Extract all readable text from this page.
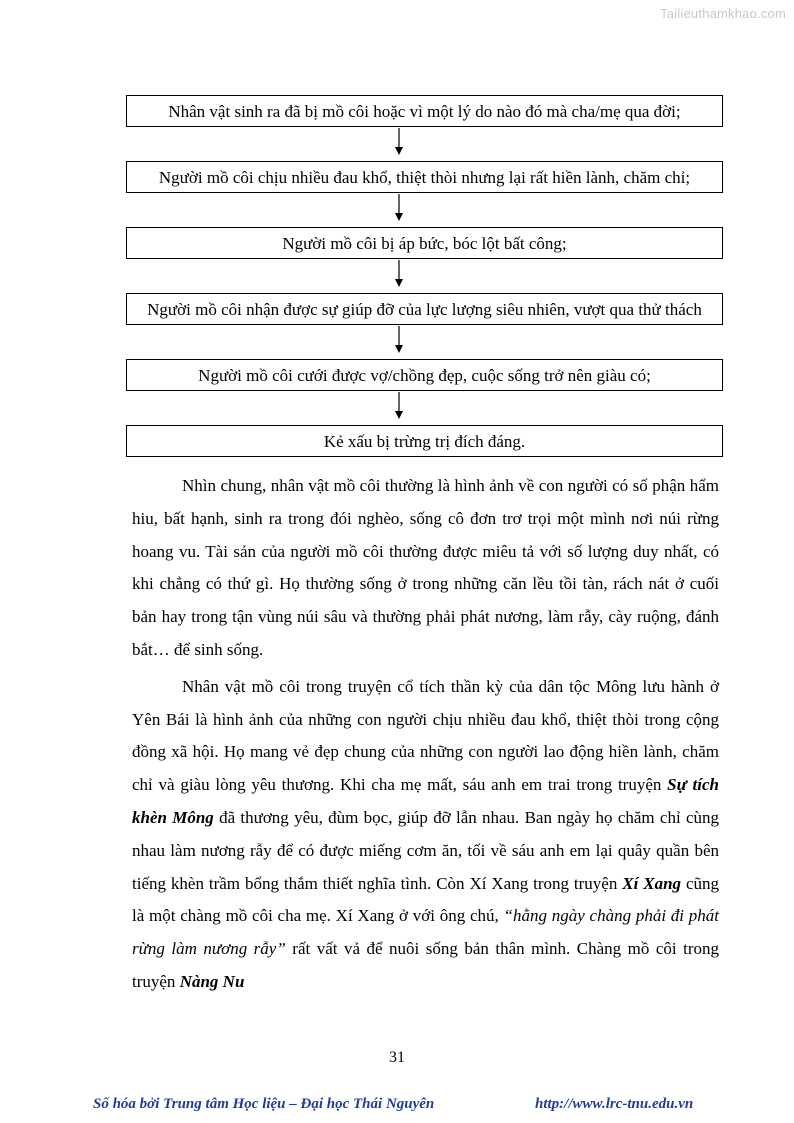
Tailieuthamkhao.com
Nhân vật sinh ra đã bị mồ côi hoặc vì một lý do nào đó mà cha/mẹ qua đời;
Người mồ côi chịu nhiều đau khổ, thiệt thòi nhưng lại rất hiền lành, chăm chỉ;
Người mồ côi bị áp bức, bóc lột bất công;
Người mồ côi nhận được sự giúp đỡ của lực lượng siêu nhiên, vượt qua thử thách
Người mồ côi cưới được vợ/chồng đẹp, cuộc sống trở nên giàu có;
Kẻ xấu bị trừng trị đích đáng.

Nhìn chung, nhân vật mồ côi thường là hình ảnh về con người có số phận hẩm hiu, bất hạnh, sinh ra trong đói nghèo, sống cô đơn trơ trọi một mình nơi núi rừng hoang vu. Tài sản của người mồ côi thường được miêu tả với số lượng duy nhất, có khi chẳng có thứ gì. Họ thường sống ở trong những căn lều tồi tàn, rách nát ở cuối bản hay trong tận vùng núi sâu và thường phải phát nương, làm rẫy, cày ruộng, đánh bắt… để sinh sống.

Nhân vật mồ côi trong truyện cổ tích thần kỳ của dân tộc Mông lưu hành ở Yên Bái là hình ảnh của những con người chịu nhiều đau khổ, thiệt thòi trong cộng đồng xã hội. Họ mang vẻ đẹp chung của những con người lao động hiền lành, chăm chỉ và giàu lòng yêu thương. Khi cha mẹ mất, sáu anh em trai trong truyện Sự tích khèn Mông đã thương yêu, đùm bọc, giúp đỡ lẫn nhau. Ban ngày họ chăm chỉ cùng nhau làm nương rẫy để có được miếng cơm ăn, tối về sáu anh em lại quây quần bên tiếng khèn trầm bổng thắm thiết nghĩa tình. Còn Xí Xang trong truyện Xí Xang cũng là một chàng mồ côi cha mẹ. Xí Xang ở với ông chú, “hằng ngày chàng phải đi phát rừng làm nương rẫy” rất vất vả để nuôi sống bản thân mình. Chàng mồ côi trong truyện Nàng Nu

31
Số hóa bởi Trung tâm Học liệu – Đại học Thái Nguyên	http://www.lrc-tnu.edu.vn
